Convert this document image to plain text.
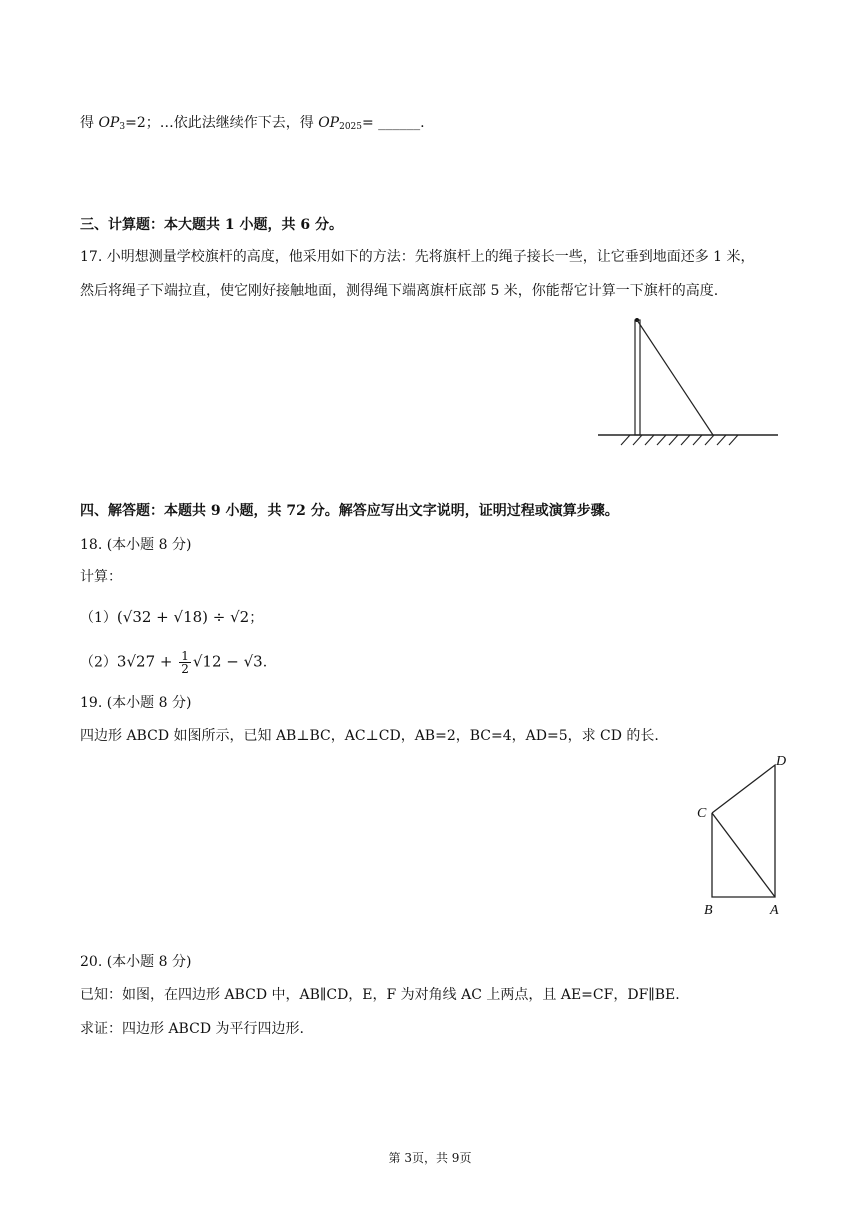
得 $OP_3=2$；…依此法继续作下去，得 $OP_{2025}=$ ______.
三、计算题：本大题共 1 小题，共 6 分。
17. 小明想测量学校旗杆的高度，他采用如下的方法：先将旗杆上的绳子接长一些，让它垂到地面还多 1 米，
然后将绳子下端拉直，使它刚好接触地面，测得绳下端离旗杆底部 5 米，你能帮它计算一下旗杆的高度.
四、解答题：本题共 9 小题，共 72 分。解答应写出文字说明，证明过程或演算步骤。
18. (本小题 8 分)
计算：
（1）(√32 + √18) ÷ √2；
$(2)3√27 + \frac{1}{2} √12 - √3$.
19. (本小题 8 分)
四边形 ABCD 如图所示，已知 AB⊥BC，AC⊥CD，AB=2，BC=4，AD=5，求 CD 的长.
D
C
B	A
20. (本小题 8 分)
已知：如图，在四边形 ABCD 中，AB∥CD，E，F 为对角线 AC 上两点，且 AE=CF，DF∥BE.
求证：四边形 ABCD 为平行四边形.
第 3页，共 9页
